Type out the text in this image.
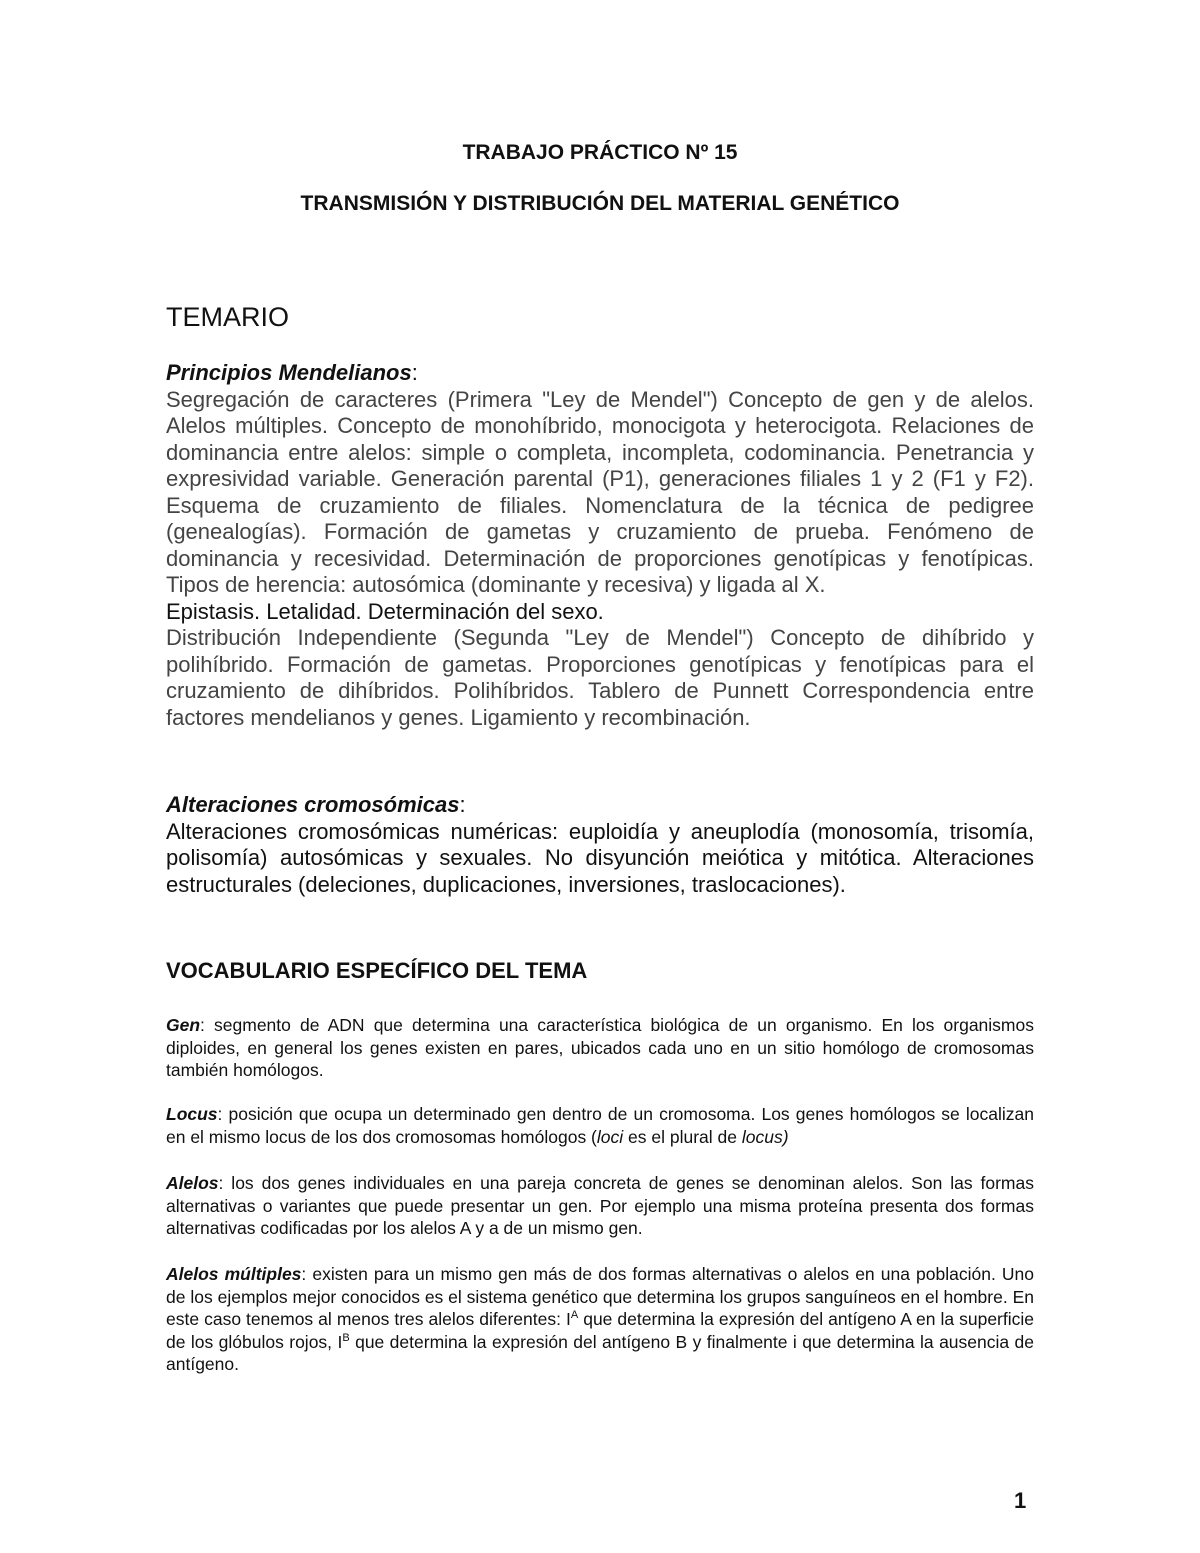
TRABAJO PRÁCTICO Nº 15
TRANSMISIÓN Y DISTRIBUCIÓN DEL MATERIAL GENÉTICO
TEMARIO
Principios Mendelianos:

Segregación de caracteres (Primera "Ley de Mendel") Concepto de gen y de alelos. Alelos múltiples. Concepto de monohíbrido, monocigota y heterocigota. Relaciones de dominancia entre alelos: simple o completa, incompleta, codominancia. Penetrancia y expresividad variable. Generación parental (P1), generaciones filiales 1 y 2 (F1 y F2). Esquema de cruzamiento de filiales. Nomenclatura de la técnica de pedigree (genealogías). Formación de gametas y cruzamiento de prueba. Fenómeno de dominancia y recesividad. Determinación de proporciones genotípicas y fenotípicas. Tipos de herencia: autosómica (dominante y recesiva) y ligada al X.

Epistasis. Letalidad. Determinación del sexo.

Distribución Independiente (Segunda "Ley de Mendel") Concepto de dihíbrido y polihíbrido. Formación de gametas. Proporciones genotípicas y fenotípicas para el cruzamiento de dihíbridos. Polihíbridos. Tablero de Punnett Correspondencia entre factores mendelianos y genes. Ligamiento y recombinación.

Alteraciones cromosómicas:

Alteraciones cromosómicas numéricas: euploidía y aneuplodía (monosomía, trisomía, polisomía) autosómicas y sexuales. No disyunción meiótica y mitótica. Alteraciones estructurales (deleciones, duplicaciones, inversiones, traslocaciones).

VOCABULARIO ESPECÍFICO DEL TEMA

Gen: segmento de ADN que determina una característica biológica de un organismo. En los organismos diploides, en general los genes existen en pares, ubicados cada uno en un sitio homólogo de cromosomas también homólogos.

Locus: posición que ocupa un determinado gen dentro de un cromosoma. Los genes homólogos se localizan en el mismo locus de los dos cromosomas homólogos (loci es el plural de locus)

Alelos: los dos genes individuales en una pareja concreta de genes se denominan alelos. Son las formas alternativas o variantes que puede presentar un gen. Por ejemplo una misma proteína presenta dos formas alternativas codificadas por los alelos A y a de un mismo gen.

Alelos múltiples: existen para un mismo gen más de dos formas alternativas o alelos en una población. Uno de los ejemplos mejor conocidos es el sistema genético que determina los grupos sanguíneos en el hombre. En este caso tenemos al menos tres alelos diferentes: $I^A$ que determina la expresión del antígeno A en la superficie de los glóbulos rojos, $I^B$ que determina la expresión del antígeno B y finalmente i que determina la ausencia de antígeno.

1
